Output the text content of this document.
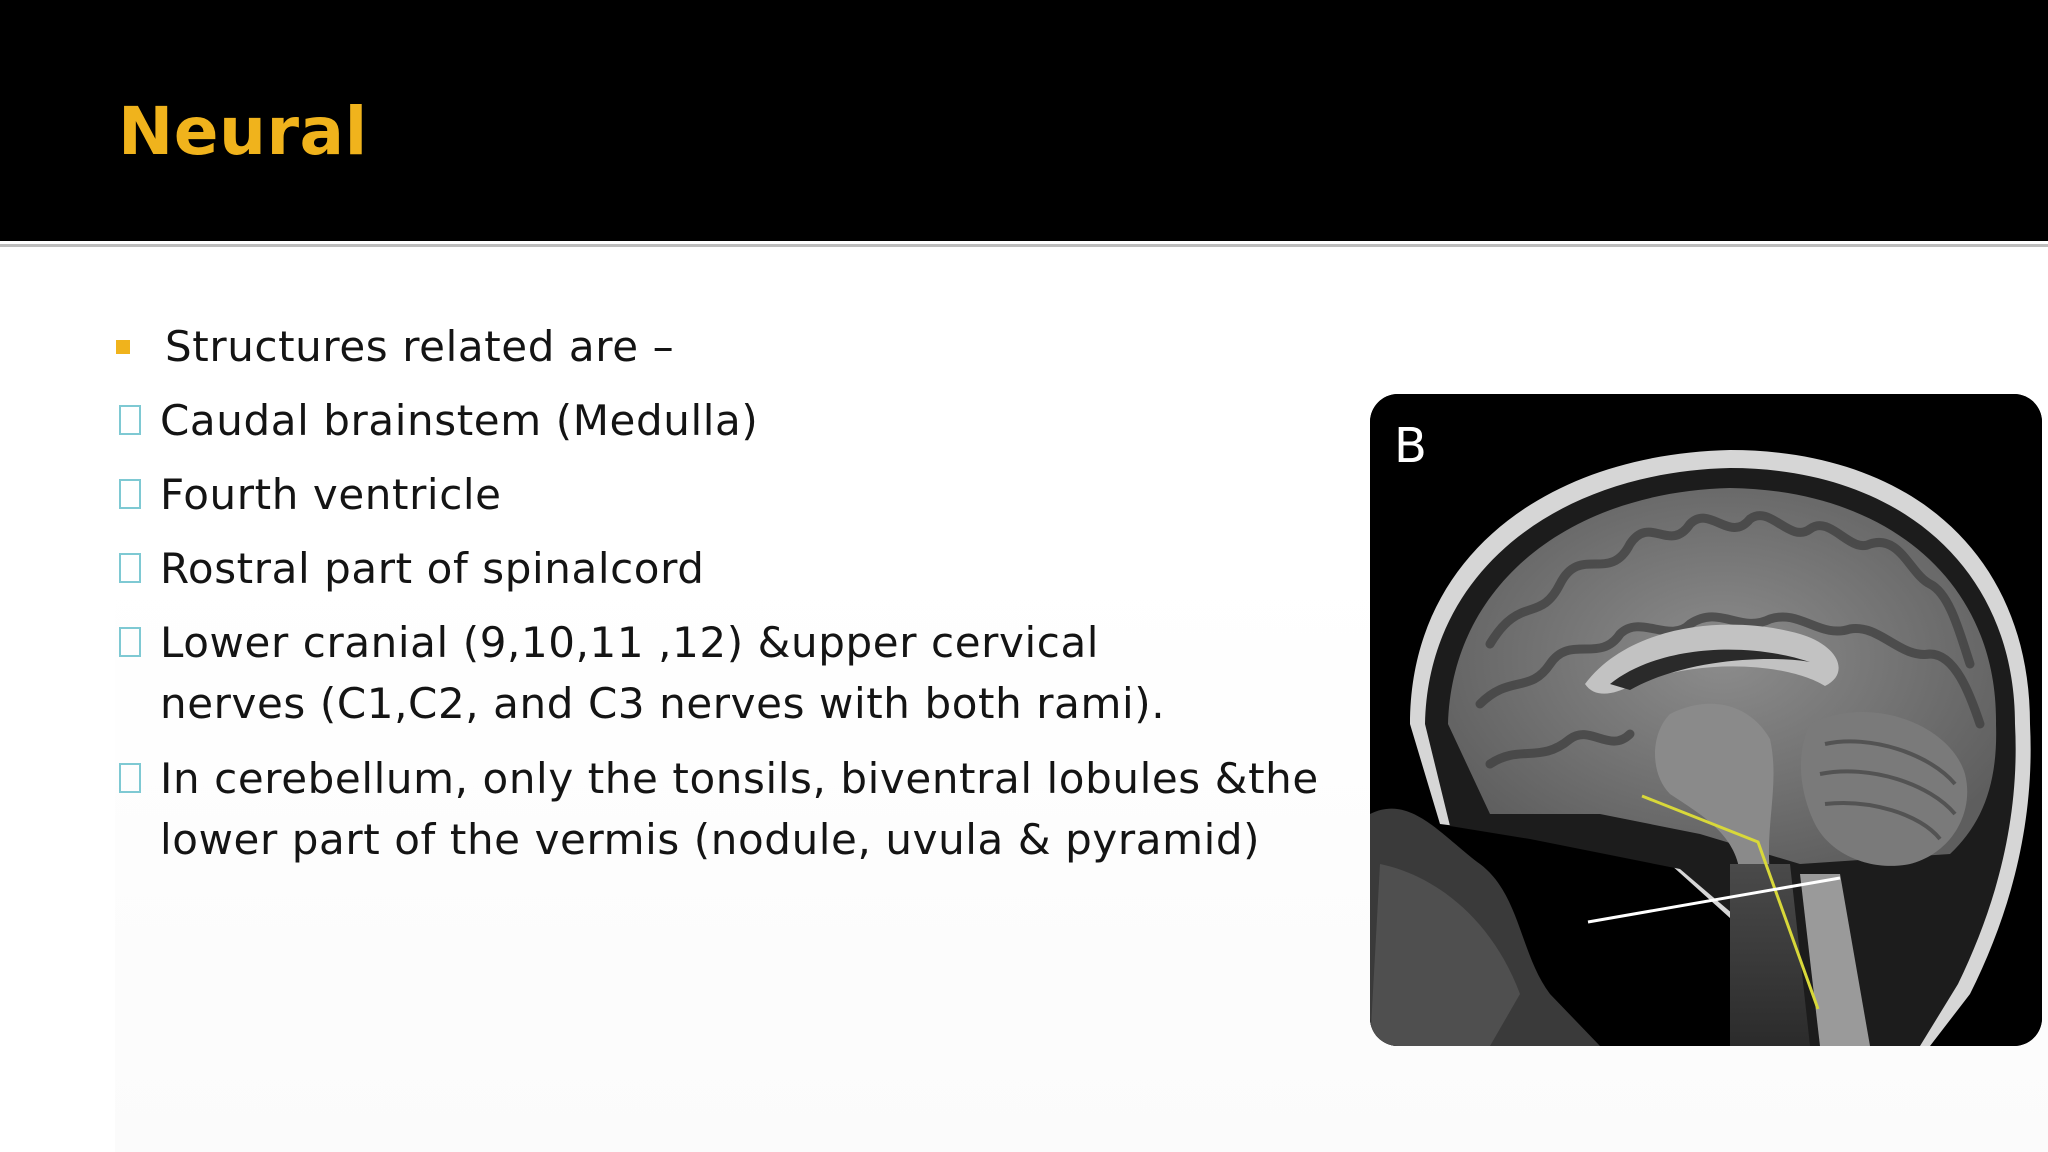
Neural
Structures related are –
Caudal brainstem (Medulla)
Fourth ventricle
Rostral part of spinalcord
Lower cranial (9,10,11 ,12) &upper cervical nerves (C1,C2, and C3 nerves with both rami).
In cerebellum, only the tonsils, biventral lobules &the lower part of the vermis (nodule, uvula & pyramid)
B
